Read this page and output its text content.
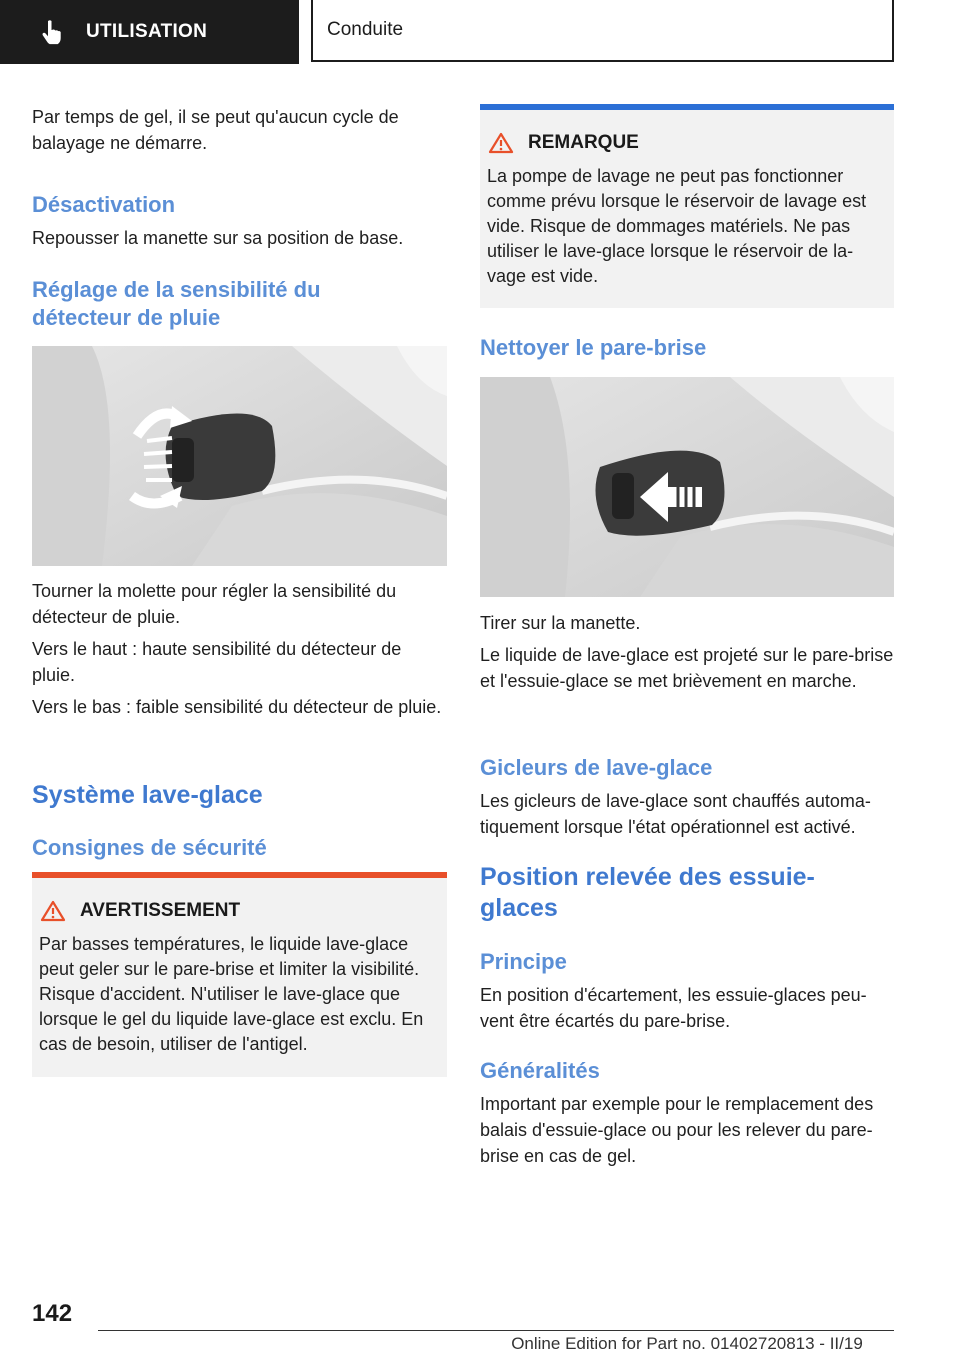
UTILISATION	Conduite

Par temps de gel, il se peut qu'aucun cycle de balayage ne démarre.

Désactivation

Repousser la manette sur sa position de base.

Réglage de la sensibilité du détecteur de pluie

Tourner la molette pour régler la sensibilité du détecteur de pluie.

Vers le haut : haute sensibilité du détecteur de pluie.

Vers le bas : faible sensibilité du détecteur de pluie.

Système lave-glace
Consignes de sécurité
AVERTISSEMENT

Par basses températures, le liquide lave-glace peut geler sur le pare-brise et limiter la visibilité. Risque d'accident. N'utiliser le lave-glace que lorsque le gel du liquide lave-glace est exclu. En cas de besoin, utiliser de l'antigel.

REMARQUE

La pompe de lavage ne peut pas fonctionner comme prévu lorsque le réservoir de lavage est vide. Risque de dommages matériels. Ne pas utiliser le lave-glace lorsque le réservoir de la-vage est vide.

Nettoyer le pare-brise

Tirer sur la manette.

Le liquide de lave-glace est projeté sur le pare-brise et l'essuie-glace se met brièvement en marche.

Gicleurs de lave-glace

Les gicleurs de lave-glace sont chauffés automa-tiquement lorsque l'état opérationnel est activé.

Position relevée des essuie-glaces
Principe

En position d'écartement, les essuie-glaces peu-vent être écartés du pare-brise.

Généralités

Important par exemple pour le remplacement des balais d'essuie-glace ou pour les relever du pare-brise en cas de gel.

142
Online Edition for Part no. 01402720813 - II/19
